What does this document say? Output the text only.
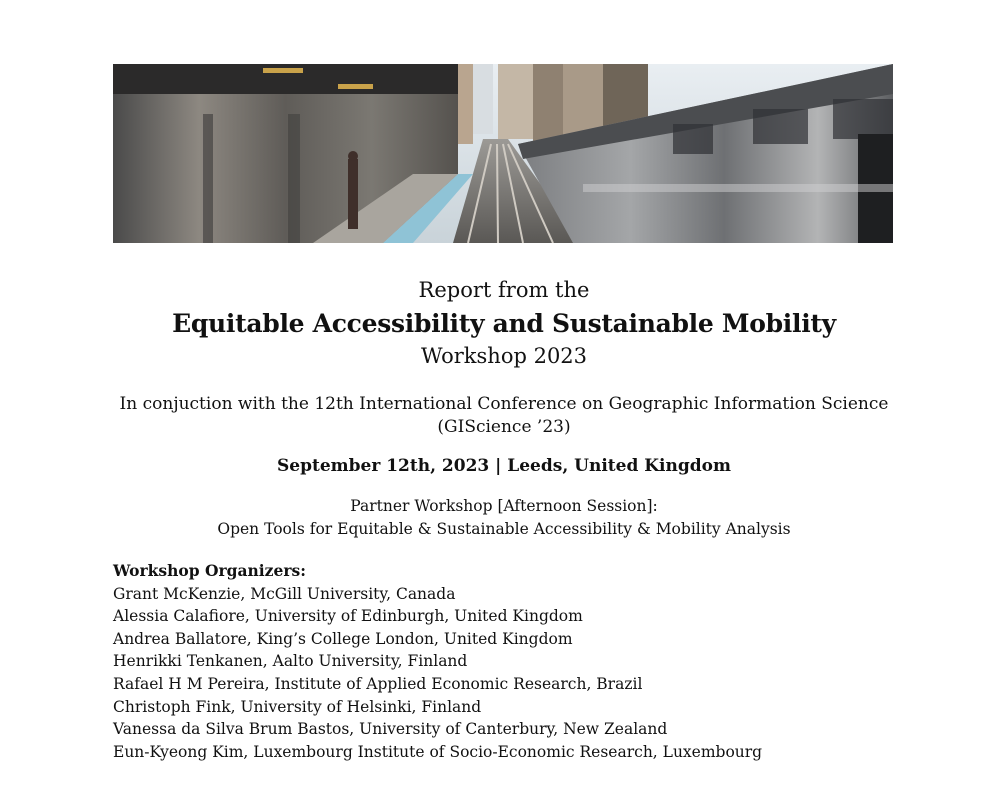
Report from the
Equitable Accessibility and Sustainable Mobility
Workshop 2023
In conjuction with the 12th International Conference on Geographic Information Science
(GIScience ’23)
September 12th, 2023 | Leeds, United Kingdom
Partner Workshop [Afternoon Session]:
Open Tools for Equitable & Sustainable Accessibility & Mobility Analysis
Workshop Organizers:
Grant McKenzie, McGill University, Canada
Alessia Calafiore, University of Edinburgh, United Kingdom
Andrea Ballatore, King’s College London, United Kingdom
Henrikki Tenkanen, Aalto University, Finland
Rafael H M Pereira, Institute of Applied Economic Research, Brazil
Christoph Fink, University of Helsinki, Finland
Vanessa da Silva Brum Bastos, University of Canterbury, New Zealand
Eun-Kyeong Kim, Luxembourg Institute of Socio-Economic Research, Luxembourg
